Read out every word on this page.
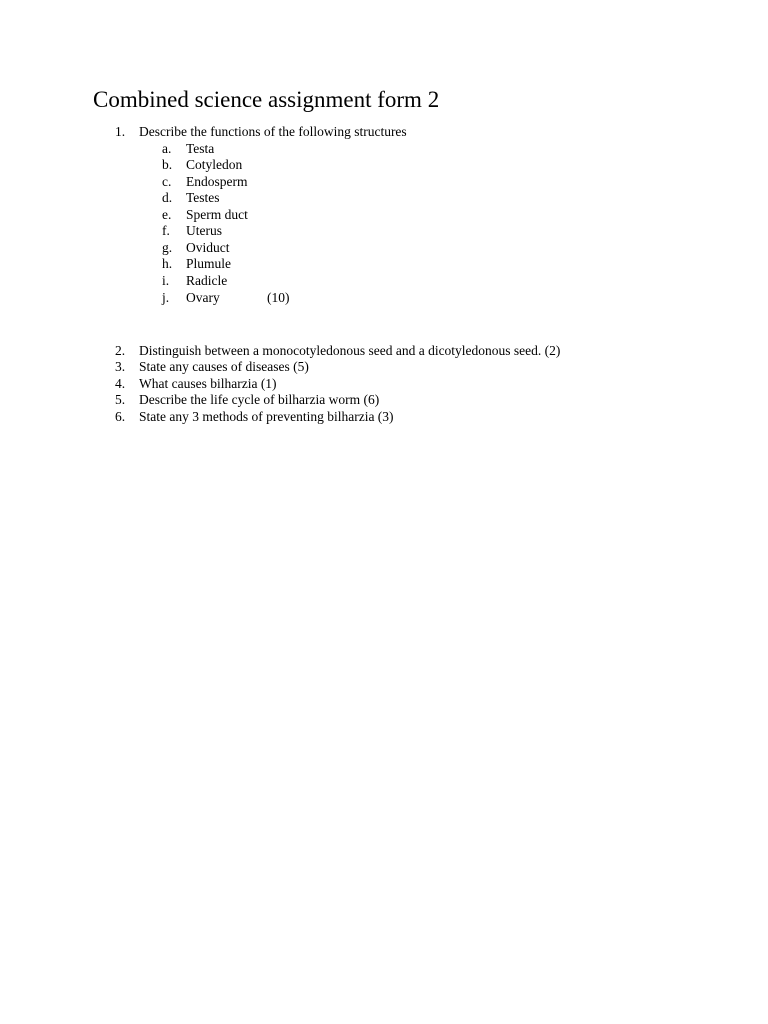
Combined science assignment form 2
1.	Describe the functions of the following structures
a.	Testa
b.	Cotyledon
c.	Endosperm
d.	Testes
e.	Sperm duct
f.	Uterus
g.	Oviduct
h.	Plumule
i.	Radicle
j.	Ovary	(10)
2.	Distinguish between a monocotyledonous seed and a dicotyledonous seed. (2)
3.	State any causes of diseases (5)
4.	What causes bilharzia (1)
5.	Describe the life cycle of bilharzia worm (6)
6.	State any 3 methods of preventing bilharzia (3)
